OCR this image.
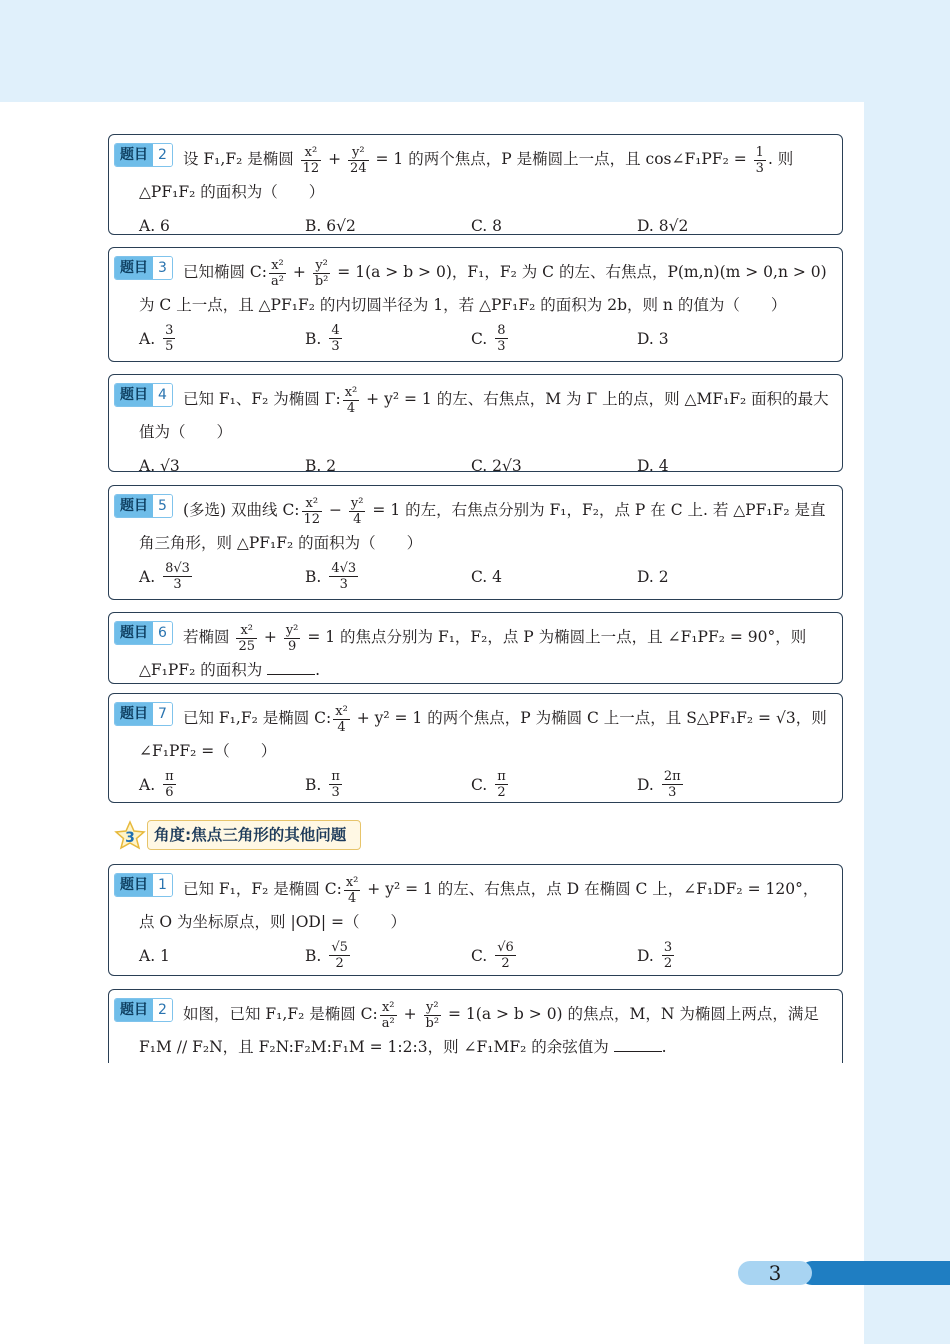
题目 2	设 F₁,F₂ 是椭圆 $\frac{\text{x²}}{12} + \frac{\text{y²}}{24} = 1$ 的两个焦点，P 是椭圆上一点，且 cos∠F₁PF₂ = $\frac{1}{3}$ . 则 △PF₁F₂ 的面积为（　　）
A. 6	B. 6√2	C. 8	D. 8√2
题目 3	已知椭圆 C: $\frac{\text{x²}}{\text{a²}} + \frac{\text{y²}}{\text{b²}} = 1(a > b > 0)$，F₁，F₂ 为 C 的左、右焦点，P(m,n)(m > 0,n > 0) 为 C 上一点，且 △PF₁F₂ 的内切圆半径为 1，若 △PF₁F₂ 的面积为 2b，则 n 的值为（　　）
A. $\frac{3}{5}$	B. $\frac{4}{3}$	C. $\frac{8}{3}$	D. 3
题目 4	已知 F₁、F₂ 为椭圆 Γ: $\frac{\text{x²}}{4} + y^2 = 1$ 的左、右焦点，M 为 Γ 上的点，则 △MF₁F₂ 面积的最大值为（　　）
A. √3	B. 2	C. 2√3	D. 4
题目 5	(多选) 双曲线 C: $\frac{\text{x²}}{12} - \frac{\text{y²}}{4} = 1$ 的左，右焦点分别为 F₁，F₂，点 P 在 C 上. 若 △PF₁F₂ 是直角三角形，则 △PF₁F₂ 的面积为（　　）
A. $\frac{8√3}{3}$	B. $\frac{4√3}{3}$	C. 4	D. 2
题目 6	若椭圆 $\frac{\text{x²}}{25} + \frac{\text{y²}}{9} = 1$ 的焦点分别为 F₁，F₂，点 P 为椭圆上一点，且 ∠F₁PF₂ = 90°，则 △F₁PF₂ 的面积为	.
题目 7	已知 F₁,F₂ 是椭圆 C: $\frac{\text{x²}}{4} + y^2 = 1$ 的两个焦点，P 为椭圆 C 上一点，且 S△PF₁F₂ = √3，则 ∠F₁PF₂ =（　　）
A. $\frac{\pi}{6}$	B. $\frac{\pi}{3}$	C. $\frac{\pi}{2}$	D. $\frac{2\pi}{3}$
3	角度:焦点三角形的其他问题
题目 1	已知 F₁，F₂ 是椭圆 C: $\frac{\text{x²}}{4} + y^2 = 1$ 的左、右焦点，点 D 在椭圆 C 上，∠F₁DF₂ = 120°，点 O 为坐标原点，则 |OD| =（　　）
A. 1	B. $\frac{√5}{2}$	C. $\frac{√6}{2}$	D. $\frac{3}{2}$
题目 2	如图，已知 F₁,F₂ 是椭圆 C: $\frac{\text{x²}}{\text{a²}} + \frac{\text{y²}}{\text{b²}} = 1(a > b > 0)$ 的焦点，M，N 为椭圆上两点，满足 F₁M // F₂N，且 F₂N:F₂M:F₁M = 1:2:3，则 ∠F₁MF₂ 的余弦值为	.
3
